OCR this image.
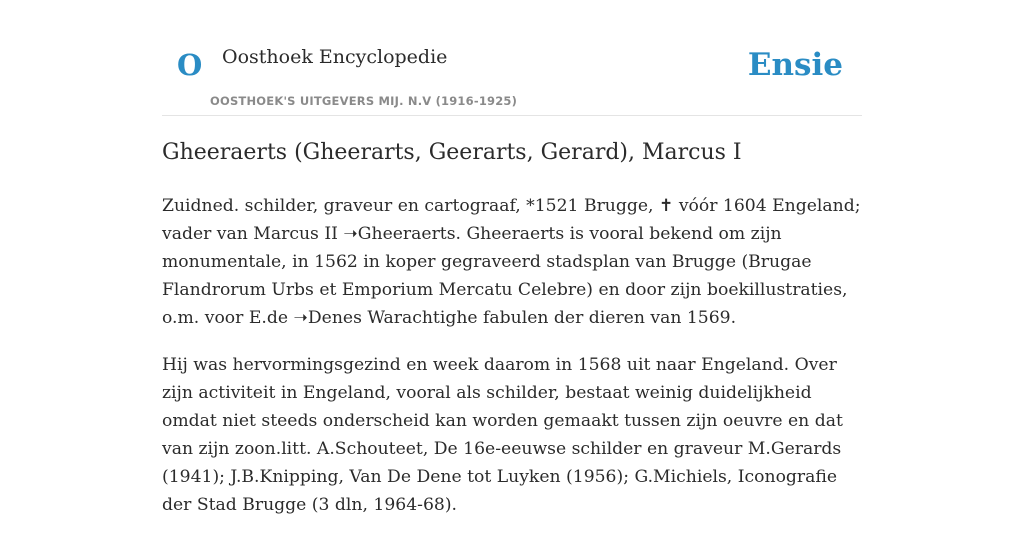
O Oosthoek Encyclopedie
OOSTHOEK'S UITGEVERS MIJ. N.V (1916-1925)
Ensie
Gheeraerts (Gheerarts, Geerarts, Gerard), Marcus I

Zuidned. schilder, graveur en cartograaf, *1521 Brugge, ✝ vóór 1604 Engeland; vader van Marcus II ➝Gheeraerts. Gheeraerts is vooral bekend om zijn monumentale, in 1562 in koper gegraveerd stadsplan van Brugge (Brugae Flandrorum Urbs et Emporium Mercatu Celebre) en door zijn boekillustraties, o.m. voor E.de ➝Denes Warachtighe fabulen der dieren van 1569.

Hij was hervormingsgezind en week daarom in 1568 uit naar Engeland. Over zijn activiteit in Engeland, vooral als schilder, bestaat weinig duidelijkheid omdat niet steeds onderscheid kan worden gemaakt tussen zijn oeuvre en dat van zijn zoon.litt. A.Schouteet, De 16e-eeuwse schilder en graveur M.Gerards (1941); J.B.Knipping, Van De Dene tot Luyken (1956); G.Michiels, Iconografie der Stad Brugge (3 dln, 1964-68).
